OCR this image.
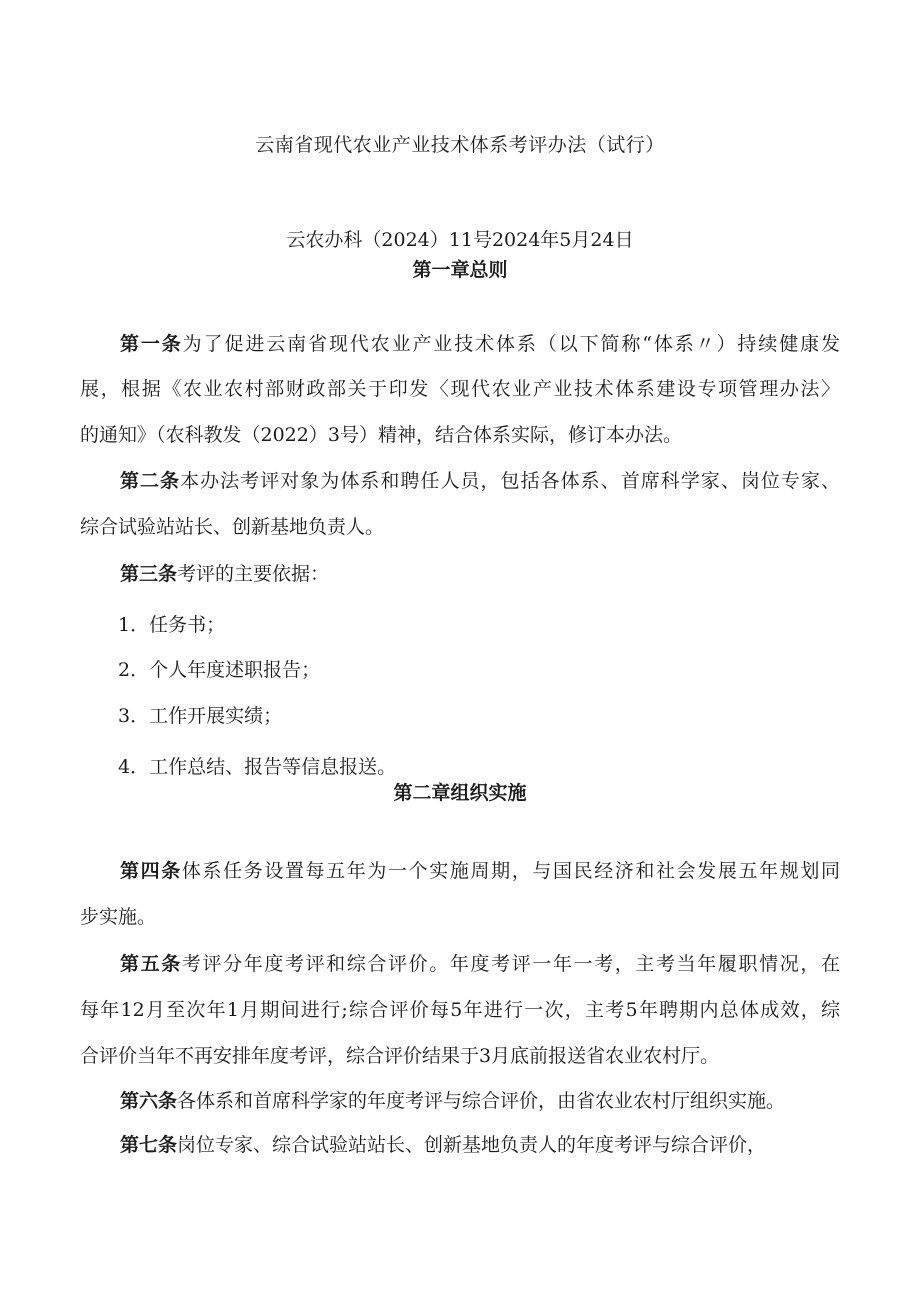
云南省现代农业产业技术体系考评办法（试行）
云农办科（2024）11号2024年5月24日
第一章总则
第一条为了促进云南省现代农业产业技术体系（以下简称“体系〃）持续健康发
展，根据《农业农村部财政部关于印发〈现代农业产业技术体系建设专项管理办法〉
的通知》（农科教发（2022）3号）精神，结合体系实际，修订本办法。
第二条本办法考评对象为体系和聘任人员，包括各体系、首席科学家、岗位专家、
综合试验站站长、创新基地负责人。
第三条考评的主要依据：
1．任务书；
2．个人年度述职报告；
3．工作开展实绩；
4．工作总结、报告等信息报送。
第二章组织实施
第四条体系任务设置每五年为一个实施周期，与国民经济和社会发展五年规划同
步实施。
第五条考评分年度考评和综合评价。年度考评一年一考，主考当年履职情况，在
每年12月至次年1月期间进行;综合评价每5年进行一次，主考5年聘期内总体成效，综
合评价当年不再安排年度考评，综合评价结果于3月底前报送省农业农村厅。
第六条各体系和首席科学家的年度考评与综合评价，由省农业农村厅组织实施。
第七条岗位专家、综合试验站站长、创新基地负责人的年度考评与综合评价，
